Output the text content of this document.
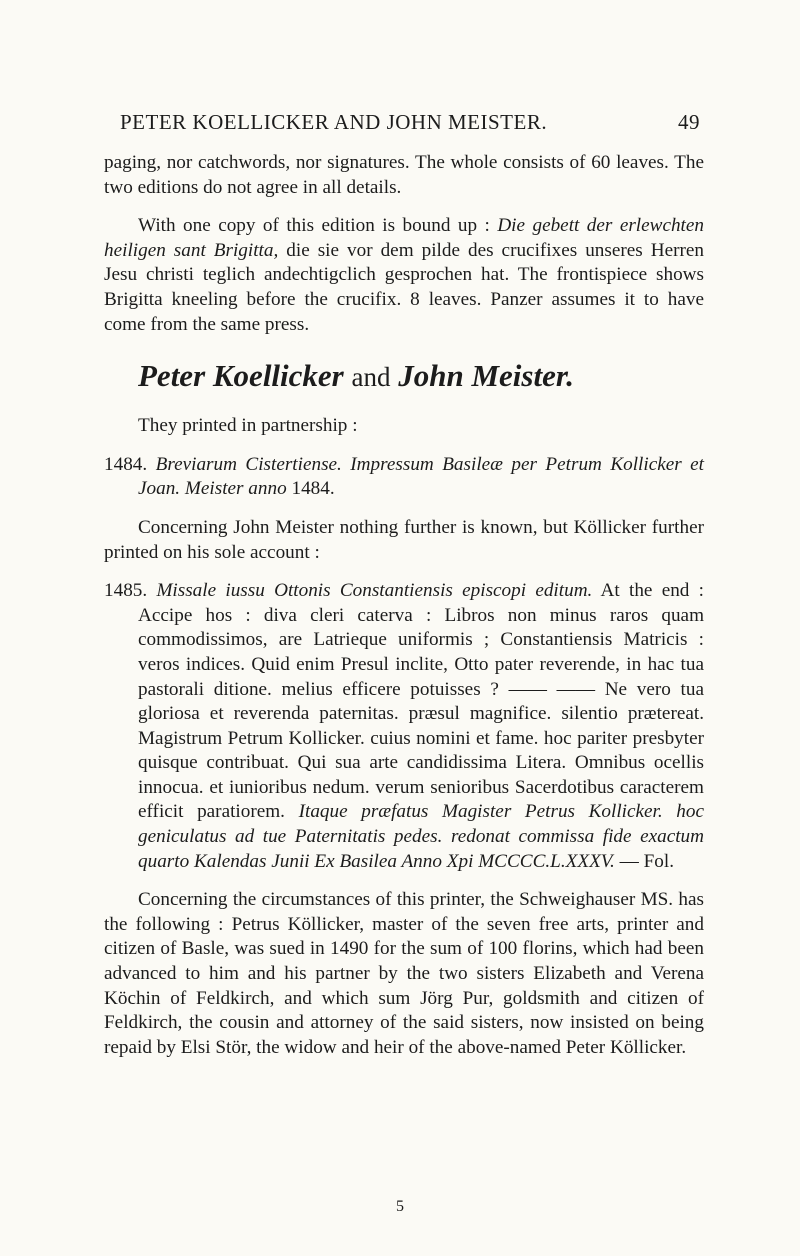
PETER KOELLICKER AND JOHN MEISTER.	49

paging, nor catchwords, nor signatures. The whole consists of 60 leaves. The two editions do not agree in all details.

With one copy of this edition is bound up : Die gebett der erlewchten heiligen sant Brigitta, die sie vor dem pilde des crucifixes unseres Herren Jesu christi teglich andechtigclich gesprochen hat. The frontispiece shows Brigitta kneeling before the crucifix. 8 leaves. Panzer assumes it to have come from the same press.

Peter Koellicker and John Meister.

They printed in partnership :

1484. Breviarum Cistertiense. Impressum Basileæ per Petrum Kollicker et Joan. Meister anno 1484.

Concerning John Meister nothing further is known, but Köllicker further printed on his sole account :

1485. Missale iussu Ottonis Constantiensis episcopi editum. At the end : Accipe hos : diva cleri caterva : Libros non minus raros quam commodissimos, are Latrieque uniformis ; Constantiensis Matricis : veros indices. Quid enim Presul inclite, Otto pater reverende, in hac tua pastorali ditione. melius efficere potuisses ? —— —— Ne vero tua gloriosa et reverenda paternitas. præsul magnifice. silentio prætereat. Magistrum Petrum Kollicker. cuius nomini et fame. hoc pariter presbyter quisque contribuat. Qui sua arte candidissima Litera. Omnibus ocellis innocua. et iunioribus nedum. verum senioribus Sacerdotibus caracterem efficit paratiorem. Itaque præfatus Magister Petrus Kollicker. hoc geniculatus ad tue Paternitatis pedes. redonat commissa fide exactum quarto Kalendas Junii Ex Basilea Anno Xpi MCCCC.L.XXXV. — Fol.

Concerning the circumstances of this printer, the Schweighauser MS. has the following : Petrus Köllicker, master of the seven free arts, printer and citizen of Basle, was sued in 1490 for the sum of 100 florins, which had been advanced to him and his partner by the two sisters Elizabeth and Verena Köchin of Feldkirch, and which sum Jörg Pur, goldsmith and citizen of Feldkirch, the cousin and attorney of the said sisters, now insisted on being repaid by Elsi Stör, the widow and heir of the above-named Peter Köllicker.

5
